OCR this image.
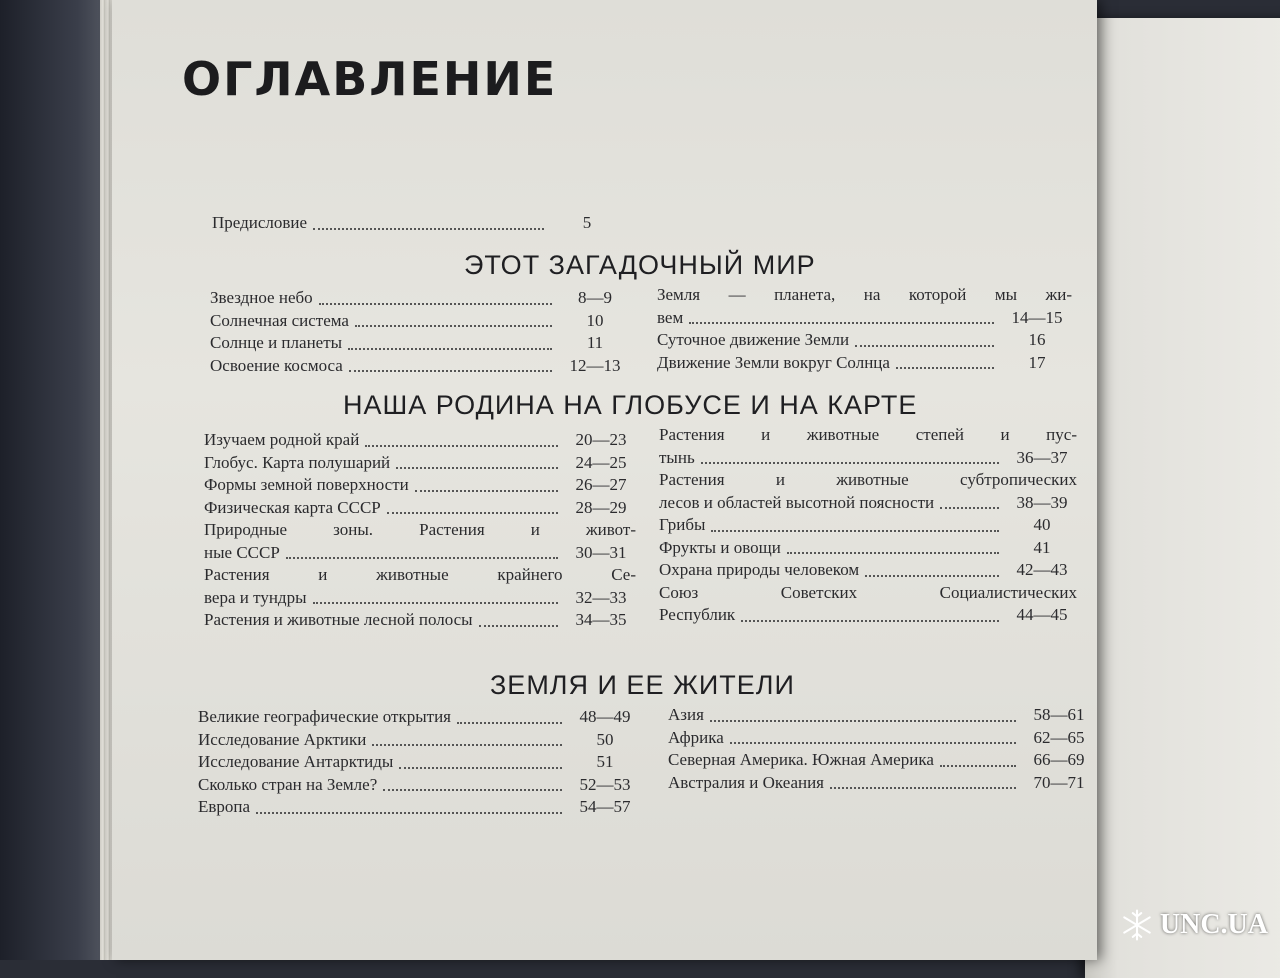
ОГЛАВЛЕНИЕ
Предисловие	5
ЭТОТ ЗАГАДОЧНЫЙ МИР
Звездное небо	8—9
Солнечная система	10
Солнце и планеты	11
Освоение космоса	12—13
Земля — планета, на которой мы жи-
вем	14—15
Суточное движение Земли	16
Движение Земли вокруг Солнца	17
НАША РОДИНА НА ГЛОБУСЕ И НА КАРТЕ
Изучаем родной край	20—23
Глобус. Карта полушарий	24—25
Формы земной поверхности	26—27
Физическая карта СССР	28—29
Природные зоны. Растения и живот-
ные СССР	30—31
Растения и животные крайнего Се-
вера и тундры	32—33
Растения и животные лесной полосы	34—35
Растения и животные степей и пус-
тынь	36—37
Растения и животные субтропических
лесов и областей высотной поясности	38—39
Грибы	40
Фрукты и овощи	41
Охрана природы человеком	42—43
Союз Советских Социалистических
Республик	44—45
ЗЕМЛЯ И ЕЕ ЖИТЕЛИ
Великие географические открытия	48—49
Исследование Арктики	50
Исследование Антарктиды	51
Сколько стран на Земле?	52—53
Европа	54—57
Азия	58—61
Африка	62—65
Северная Америка. Южная Америка	66—69
Австралия и Океания	70—71
UNC.UA
